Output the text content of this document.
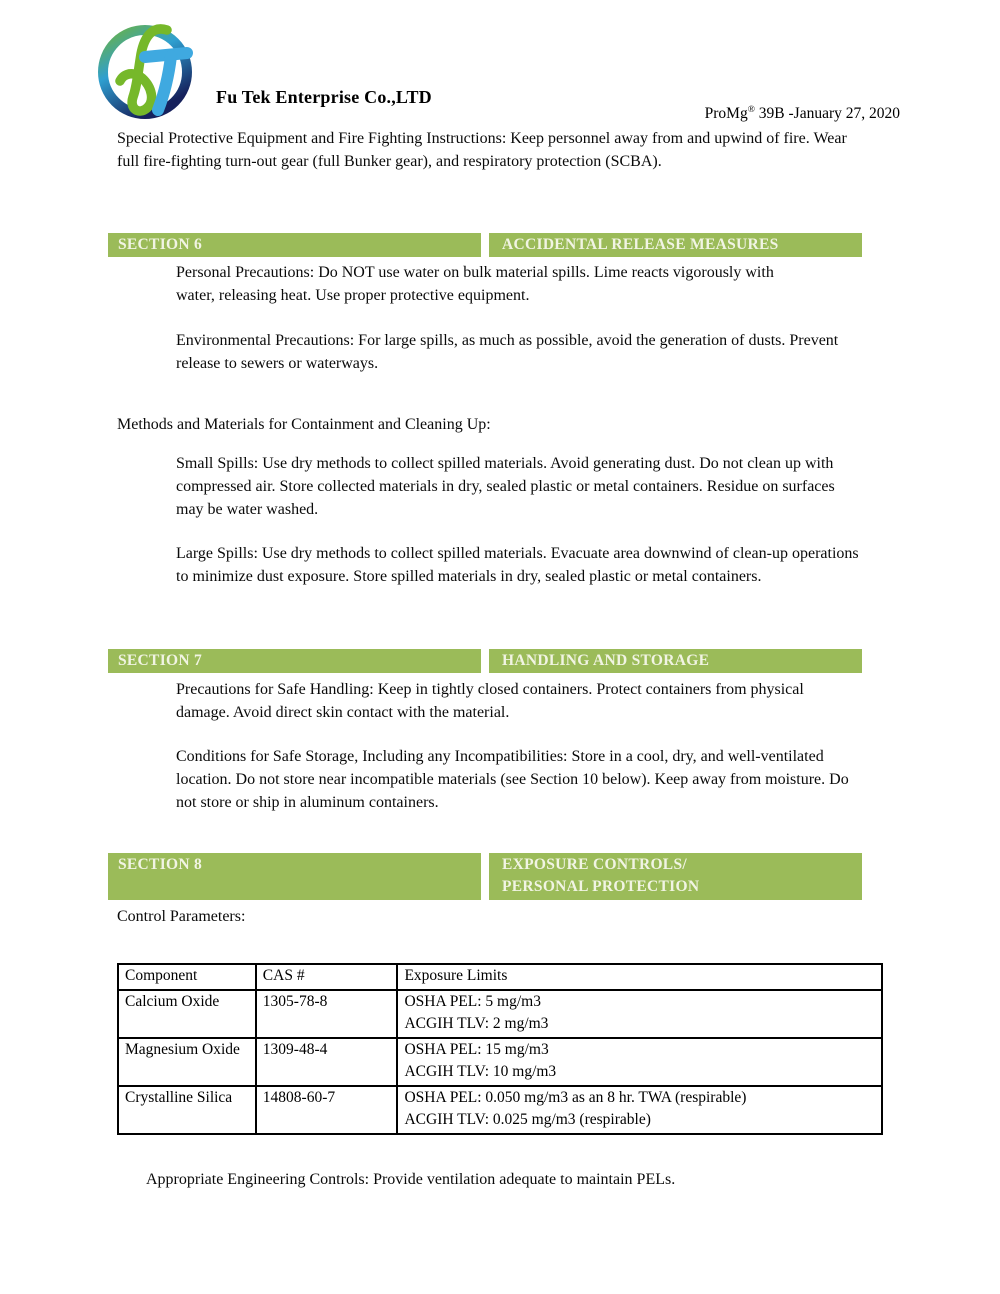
Fu Tek Enterprise Co.,LTD
ProMg® 39B -January 27, 2020
Special Protective Equipment and Fire Fighting Instructions: Keep personnel away from and upwind of fire. Wear full fire-fighting turn-out gear (full Bunker gear), and respiratory protection (SCBA).
SECTION 6	ACCIDENTAL RELEASE MEASURES
Personal Precautions: Do NOT use water on bulk material spills. Lime reacts vigorously with water, releasing heat. Use proper protective equipment.
Environmental Precautions: For large spills, as much as possible, avoid the generation of dusts. Prevent release to sewers or waterways.
Methods and Materials for Containment and Cleaning Up:
Small Spills: Use dry methods to collect spilled materials. Avoid generating dust. Do not clean up with compressed air. Store collected materials in dry, sealed plastic or metal containers. Residue on surfaces may be water washed.
Large Spills: Use dry methods to collect spilled materials. Evacuate area downwind of clean-up operations to minimize dust exposure. Store spilled materials in dry, sealed plastic or metal containers.
SECTION 7	HANDLING AND STORAGE
Precautions for Safe Handling: Keep in tightly closed containers. Protect containers from physical damage. Avoid direct skin contact with the material.
Conditions for Safe Storage, Including any Incompatibilities: Store in a cool, dry, and well-ventilated location. Do not store near incompatible materials (see Section 10 below). Keep away from moisture. Do not store or ship in aluminum containers.
SECTION 8	EXPOSURE CONTROLS/
PERSONAL PROTECTION
Control Parameters:
Component	CAS #	Exposure Limits
Calcium Oxide	1305-78-8	OSHA PEL: 5 mg/m3
ACGIH TLV: 2 mg/m3

Magnesium Oxide	1309-48-4	OSHA PEL: 15 mg/m3
ACGIH TLV: 10 mg/m3

Crystalline Silica	14808-60-7	OSHA PEL: 0.050 mg/m3 as an 8 hr. TWA (respirable)
ACGIH TLV: 0.025 mg/m3 (respirable)
Appropriate Engineering Controls: Provide ventilation adequate to maintain PELs.
